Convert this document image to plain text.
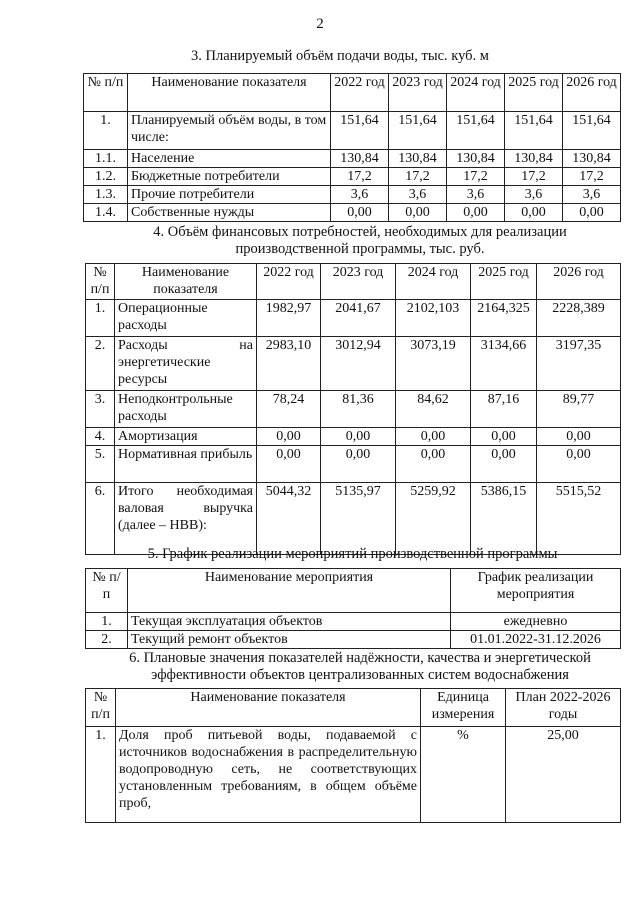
2
3. Планируемый объём подачи воды, тыс. куб. м
№ п/п	Наименование показателя	2022 год	2023 год	2024 год	2025 год	2026 год
1.	Планируемый объём воды, в том числе:	151,64	151,64	151,64	151,64	151,64
1.1.	Население	130,84	130,84	130,84	130,84	130,84
1.2.	Бюджетные потребители	17,2	17,2	17,2	17,2	17,2
1.3.	Прочие потребители	3,6	3,6	3,6	3,6	3,6
1.4.	Собственные нужды	0,00	0,00	0,00	0,00	0,00
4. Объём финансовых потребностей, необходимых для реализации производственной программы, тыс. руб.
№ п/п	Наименование показателя	2022 год	2023 год	2024 год	2025 год	2026 год
1.	Операционные расходы	1982,97	2041,67	2102,103	2164,325	2228,389
2.	Расходы на энергетические ресурсы	2983,10	3012,94	3073,19	3134,66	3197,35
3.	Неподконтрольные расходы	78,24	81,36	84,62	87,16	89,77
4.	Амортизация	0,00	0,00	0,00	0,00	0,00
5.	Нормативная прибыль	0,00	0,00	0,00	0,00	0,00
6.	Итого необходимая валовая выручка (далее – НВВ):	5044,32	5135,97	5259,92	5386,15	5515,52
5. График реализации мероприятий производственной программы
№ п/п	Наименование мероприятия	График реализации мероприятия
1.	Текущая эксплуатация объектов	ежедневно
2.	Текущий ремонт объектов	01.01.2022-31.12.2026
6. Плановые значения показателей надёжности, качества и энергетической эффективности объектов централизованных систем водоснабжения
№ п/п	Наименование показателя	Единица измерения	План 2022-2026 годы
1.	Доля проб питьевой воды, подаваемой с источников водоснабжения в распределительную водопроводную сеть, не соответствующих установленным требованиям, в общем объёме проб,	%	25,00
